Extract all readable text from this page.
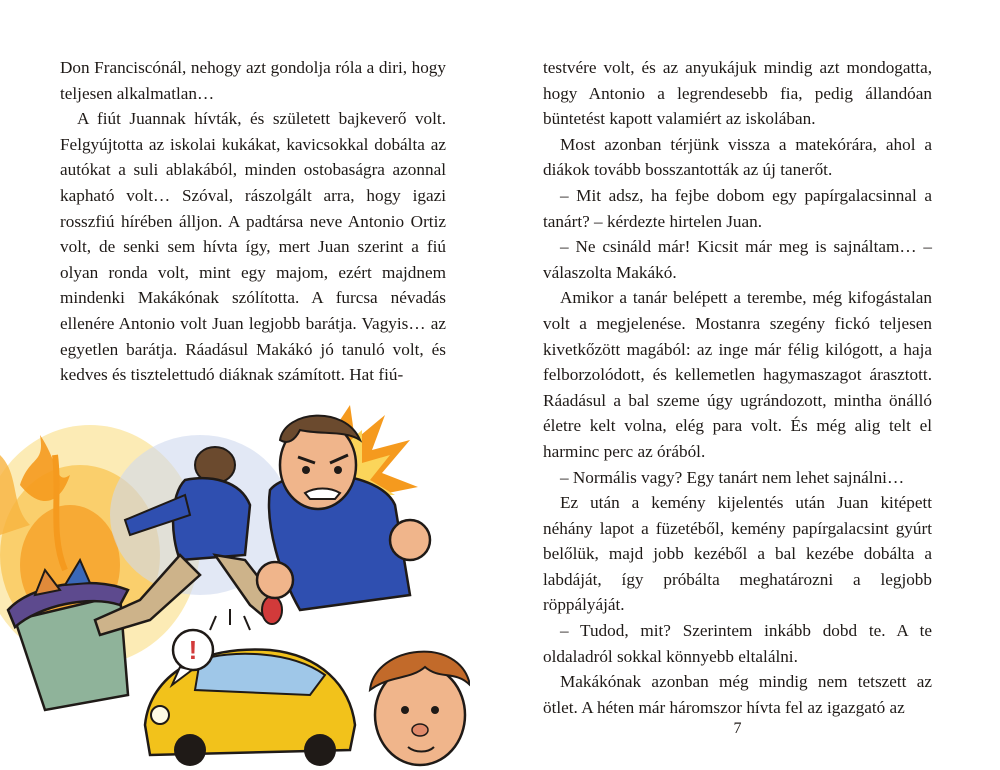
Don Franciscónál, nehogy azt gondolja róla a diri, hogy teljesen alkalmatlan…

A fiút Juannak hívták, és született bajkeverő volt. Felgyújtotta az iskolai kukákat, kavicsokkal dobálta az autókat a suli ablakából, minden ostobaságra azonnal kapható volt… Szóval, rászolgált arra, hogy igazi rosszfiú hírében álljon. A padtársa neve Antonio Ortiz volt, de senki sem hívta így, mert Juan szerint a fiú olyan ronda volt, mint egy majom, ezért majdnem mindenki Makákónak szólította. A furcsa névadás ellenére Antonio volt Juan legjobb barátja. Vagyis… az egyetlen barátja. Ráadásul Makákó jó tanuló volt, és kedves és tisztelettudó diáknak számított. Hat fiú-

!

testvére volt, és az anyukájuk mindig azt mondogatta, hogy Antonio a legrendesebb fia, pedig állandóan büntetést kapott valamiért az iskolában.

Most azonban térjünk vissza a matekórára, ahol a diákok tovább bosszantották az új tanerőt.

– Mit adsz, ha fejbe dobom egy papírgalacsinnal a tanárt? – kérdezte hirtelen Juan.

– Ne csináld már! Kicsit már meg is sajnáltam… – válaszolta Makákó.

Amikor a tanár belépett a terembe, még kifogástalan volt a megjelenése. Mostanra szegény fickó teljesen kivetkőzött magából: az inge már félig kilógott, a haja felborzolódott, és kellemetlen hagymaszagot árasztott. Ráadásul a bal szeme úgy ugrándozott, mintha önálló életre kelt volna, elég para volt. És még alig telt el harminc perc az órából.

– Normális vagy? Egy tanárt nem lehet sajnálni…

Ez után a kemény kijelentés után Juan kitépett néhány lapot a füzetéből, kemény papírgalacsint gyúrt belőlük, majd jobb kezéből a bal kezébe dobálta a labdáját, így próbálta meghatározni a legjobb röppályáját.

– Tudod, mit? Szerintem inkább dobd te. A te oldaladról sokkal könnyebb eltalálni.

Makákónak azonban még mindig nem tetszett az ötlet. A héten már háromszor hívta fel az igazgató az

7
